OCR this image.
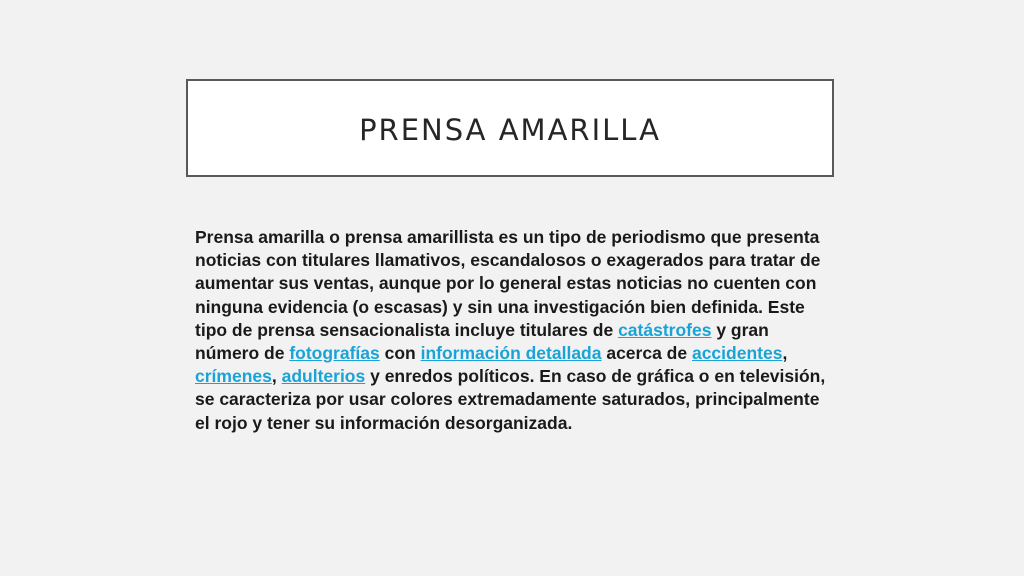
PRENSA AMARILLA

Prensa amarilla o prensa amarillista es un tipo de periodismo que presenta noticias con titulares llamativos, escandalosos o exagerados para tratar de aumentar sus ventas, aunque por lo general estas noticias no cuenten con ninguna evidencia (o escasas) y sin una investigación bien definida. Este tipo de prensa sensacionalista incluye titulares de catástrofes y gran número de fotografías con información detallada acerca de accidentes, crímenes, adulterios y enredos políticos. En caso de gráfica o en televisión, se caracteriza por usar colores extremadamente saturados, principalmente el rojo y tener su información desorganizada.
